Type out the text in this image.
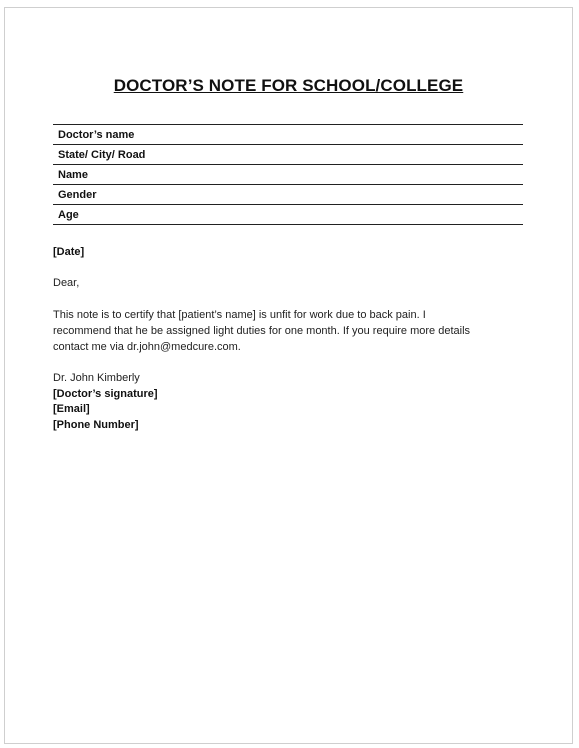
DOCTOR’S NOTE FOR SCHOOL/COLLEGE
Doctor’s name
State/ City/ Road
Name
Gender
Age
[Date]
Dear,
This note is to certify that [patient’s name] is unfit for work due to back pain. I
recommend that he be assigned light duties for one month. If you require more details
contact me via dr.john@medcure.com.
Dr. John Kimberly
[Doctor’s signature]
[Email]
[Phone Number]
